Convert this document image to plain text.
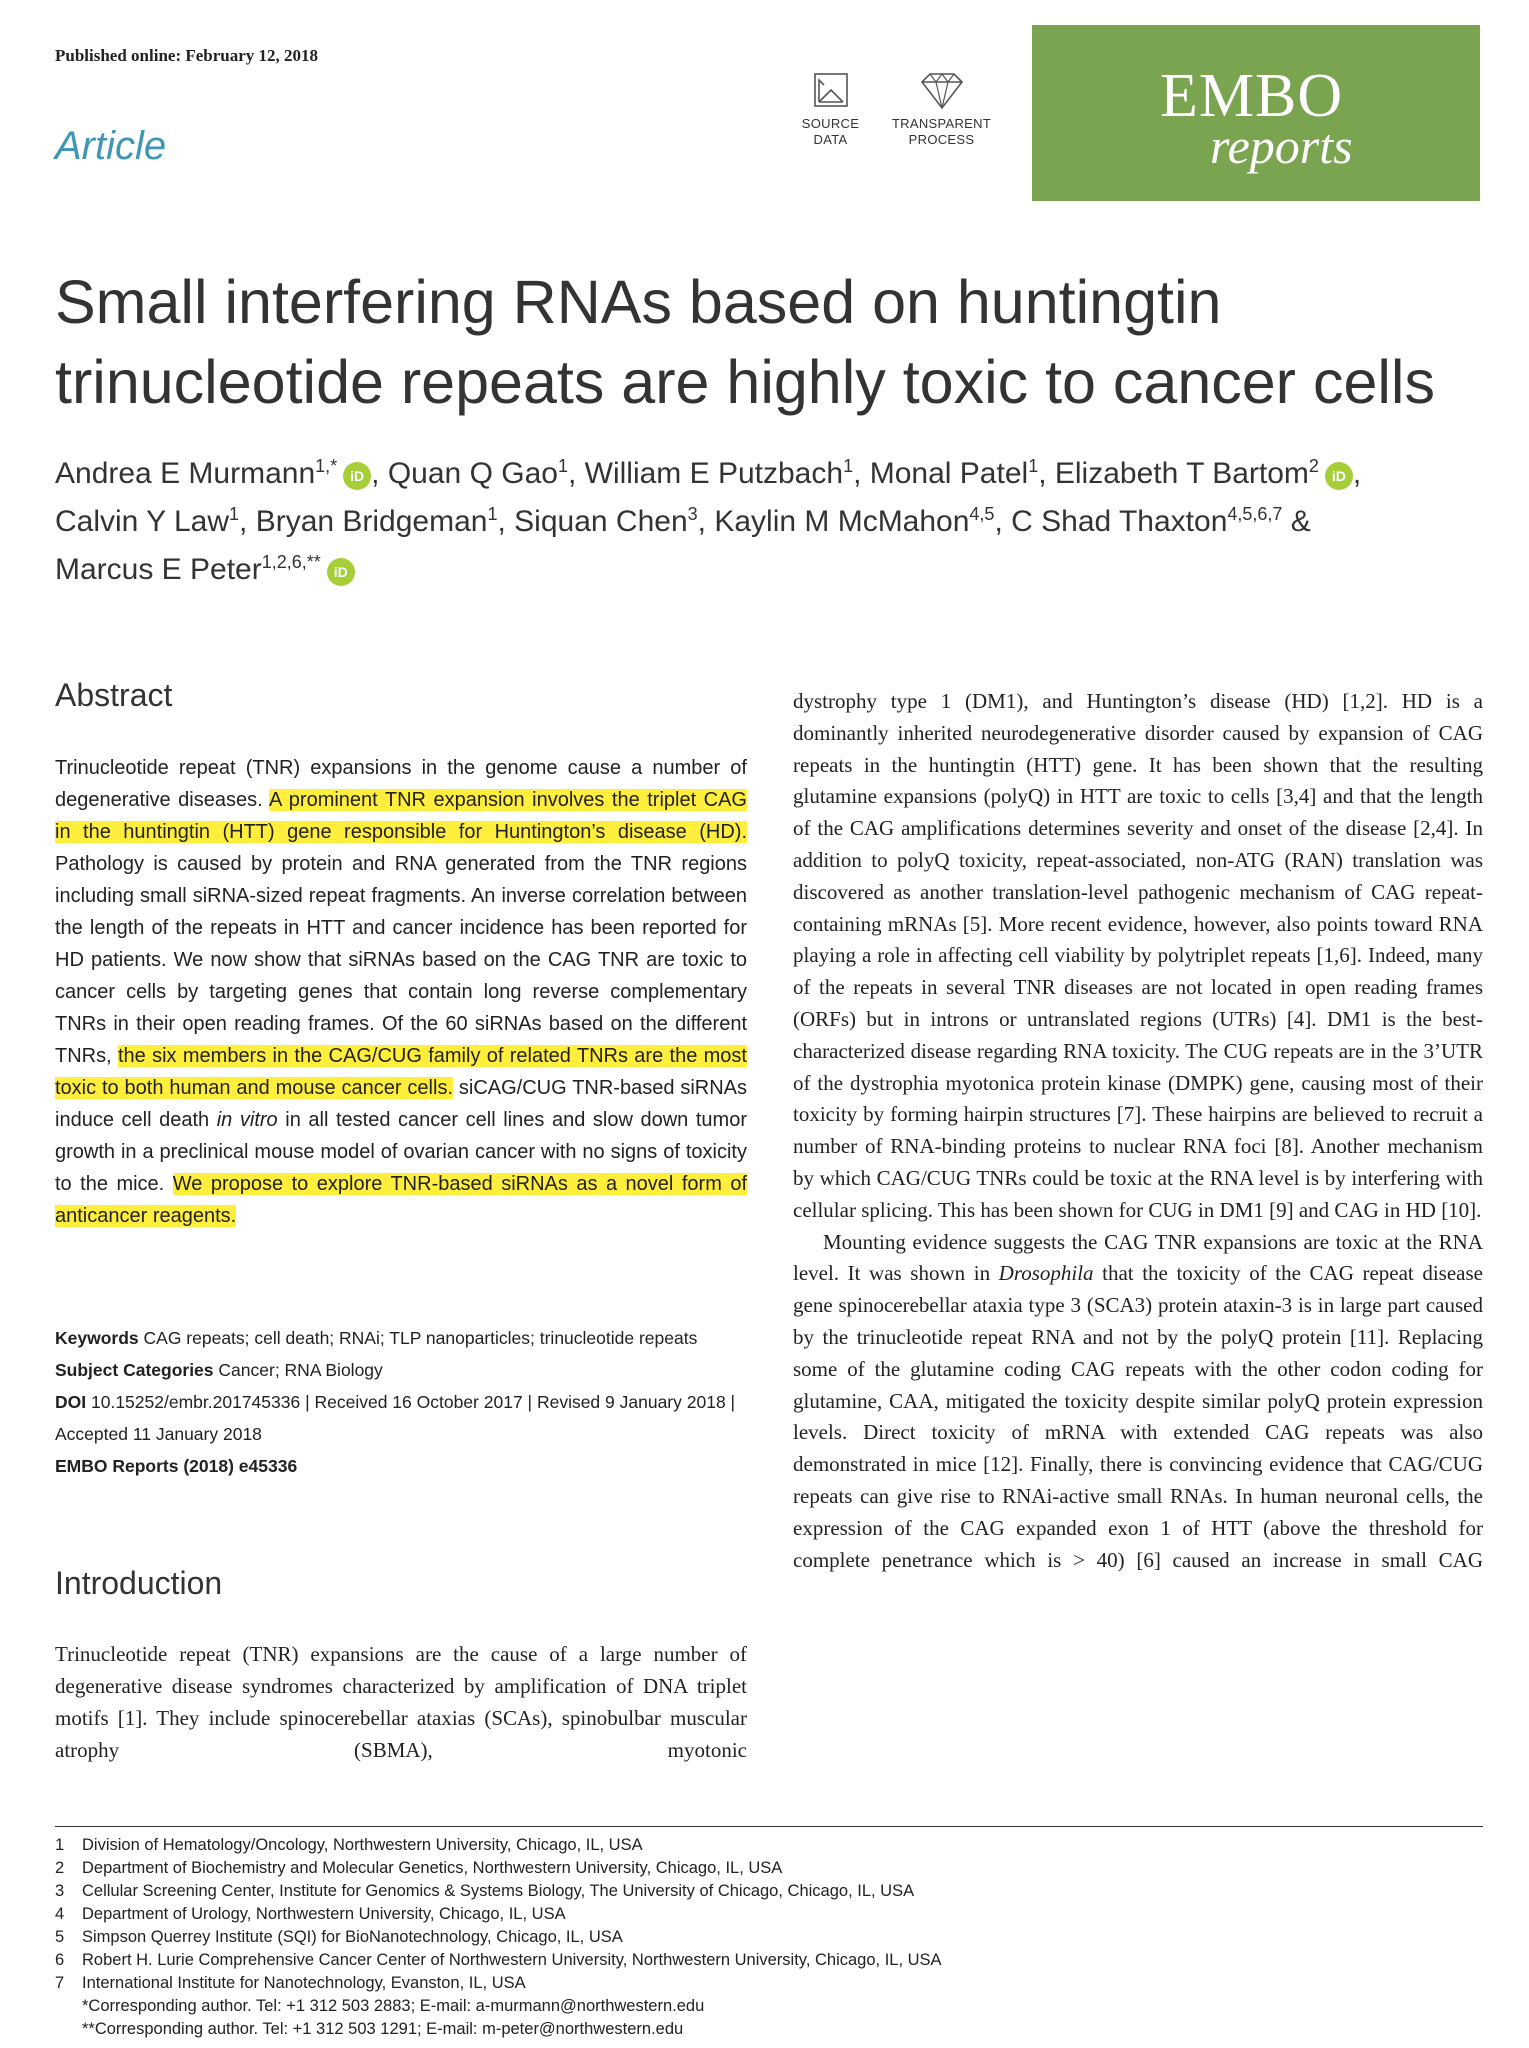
Published online: February 12, 2018
Article
SOURCE
DATA
TRANSPARENT
PROCESS
EMBO
reports
Small interfering RNAs based on huntingtin trinucleotide repeats are highly toxic to cancer cells
Andrea E Murmann$^{1,*}$ iD , Quan Q Gao$^1$, William E Putzbach$^1$, Monal Patel$^1$, Elizabeth T Bartom$^2$ iD ,
Calvin Y Law$^1$, Bryan Bridgeman$^1$, Siquan Chen$^3$, Kaylin M McMahon$^{4,5}$, C Shad Thaxton$^{4,5,6,7}$ &
Marcus E Peter$^{1,2,6,**}$ iD
Abstract
Trinucleotide repeat (TNR) expansions in the genome cause a number of degenerative diseases. A prominent TNR expansion involves the triplet CAG in the huntingtin (HTT) gene responsible for Huntington’s disease (HD). Pathology is caused by protein and RNA generated from the TNR regions including small siRNA-sized repeat fragments. An inverse correlation between the length of the repeats in HTT and cancer incidence has been reported for HD patients. We now show that siRNAs based on the CAG TNR are toxic to cancer cells by targeting genes that contain long reverse complementary TNRs in their open reading frames. Of the 60 siRNAs based on the different TNRs, the six members in the CAG/CUG family of related TNRs are the most toxic to both human and mouse cancer cells. siCAG/CUG TNR-based siRNAs induce cell death in vitro in all tested cancer cell lines and slow down tumor growth in a preclinical mouse model of ovarian cancer with no signs of toxicity to the mice. We propose to explore TNR-based siRNAs as a novel form of anticancer reagents.
Keywords CAG repeats; cell death; RNAi; TLP nanoparticles; trinucleotide repeats
Subject Categories Cancer; RNA Biology
DOI 10.15252/embr.201745336 | Received 16 October 2017 | Revised 9 January 2018 | Accepted 11 January 2018
EMBO Reports (2018) e45336
Introduction
Trinucleotide repeat (TNR) expansions are the cause of a large number of degenerative disease syndromes characterized by amplification of DNA triplet motifs [1]. They include spinocerebellar ataxias (SCAs), spinobulbar muscular atrophy (SBMA), myotonic

dystrophy type 1 (DM1), and Huntington’s disease (HD) [1,2]. HD is a dominantly inherited neurodegenerative disorder caused by expansion of CAG repeats in the huntingtin (HTT) gene. It has been shown that the resulting glutamine expansions (polyQ) in HTT are toxic to cells [3,4] and that the length of the CAG amplifications determines severity and onset of the disease [2,4]. In addition to polyQ toxicity, repeat-associated, non-ATG (RAN) translation was discovered as another translation-level pathogenic mechanism of CAG repeat-containing mRNAs [5]. More recent evidence, however, also points toward RNA playing a role in affecting cell viability by polytriplet repeats [1,6]. Indeed, many of the repeats in several TNR diseases are not located in open reading frames (ORFs) but in introns or untranslated regions (UTRs) [4]. DM1 is the best-characterized disease regarding RNA toxicity. The CUG repeats are in the 3’UTR of the dystrophia myotonica protein kinase (DMPK) gene, causing most of their toxicity by forming hairpin structures [7]. These hairpins are believed to recruit a number of RNA-binding proteins to nuclear RNA foci [8]. Another mechanism by which CAG/CUG TNRs could be toxic at the RNA level is by interfering with cellular splicing. This has been shown for CUG in DM1 [9] and CAG in HD [10].

Mounting evidence suggests the CAG TNR expansions are toxic at the RNA level. It was shown in Drosophila that the toxicity of the CAG repeat disease gene spinocerebellar ataxia type 3 (SCA3) protein ataxin-3 is in large part caused by the trinucleotide repeat RNA and not by the polyQ protein [11]. Replacing some of the glutamine coding CAG repeats with the other codon coding for glutamine, CAA, mitigated the toxicity despite similar polyQ protein expression levels. Direct toxicity of mRNA with extended CAG repeats was also demonstrated in mice [12]. Finally, there is convincing evidence that CAG/CUG repeats can give rise to RNAi-active small RNAs. In human neuronal cells, the expression of the CAG expanded exon 1 of HTT (above the threshold for complete penetrance which is > 40) [6] caused an increase in small CAG

1	Division of Hematology/Oncology, Northwestern University, Chicago, IL, USA
2	Department of Biochemistry and Molecular Genetics, Northwestern University, Chicago, IL, USA
3	Cellular Screening Center, Institute for Genomics & Systems Biology, The University of Chicago, Chicago, IL, USA
4	Department of Urology, Northwestern University, Chicago, IL, USA
5	Simpson Querrey Institute (SQI) for BioNanotechnology, Chicago, IL, USA
6	Robert H. Lurie Comprehensive Cancer Center of Northwestern University, Northwestern University, Chicago, IL, USA
7	International Institute for Nanotechnology, Evanston, IL, USA
*Corresponding author. Tel: +1 312 503 2883; E-mail: a-murmann@northwestern.edu
**Corresponding author. Tel: +1 312 503 1291; E-mail: m-peter@northwestern.edu
